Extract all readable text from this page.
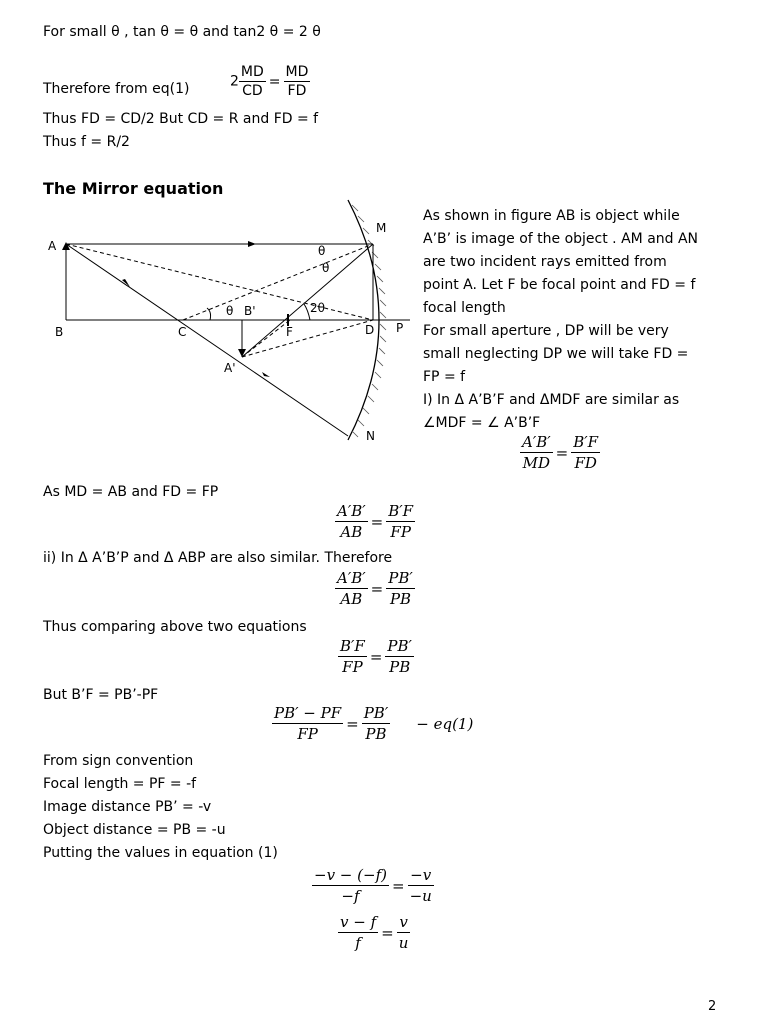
For small θ , tan θ = θ and tan2 θ = 2 θ
Therefore from eq(1)	$2 \frac{MD}{CD} = \frac{MD}{FD}$
Thus FD = CD/2 But CD = R and FD = f
Thus f = R/2
The Mirror equation
A
B	C	F	D P
M
N
B'
A'
θ
θ
θ	2θ
As shown in figure AB is object while
A’B’ is image of the object . AM and AN
are two incident rays emitted from
point A. Let F be focal point and FD = f
focal length
For small aperture , DP will be very
small neglecting DP we will take FD =
FP = f
I) In Δ A’B’F and ΔMDF are similar as
∠MDF = ∠ A’B’F
$\frac{A'B'}{MD} = \frac{B'F}{FD}$
As MD = AB and FD = FP
$\frac{A'B'}{AB} = \frac{B'F}{FP}$
ii) In Δ A’B’P and Δ ABP are also similar. Therefore
$\frac{A'B'}{AB} = \frac{PB'}{PB}$
Thus comparing above two equations
$\frac{B'F}{FP} = \frac{PB'}{PB}$
But B’F = PB’-PF
$\frac{PB' - PF}{FP} = \frac{PB'}{PB} - eq(1)$
From sign convention
Focal length = PF = -f
Image distance PB’ = -v
Object distance = PB = -u
Putting the values in equation (1)
$\frac{-v - (-f)}{-f} = \frac{-v}{-u}$
$\frac{v - f}{f} = \frac{v}{u}$
2
